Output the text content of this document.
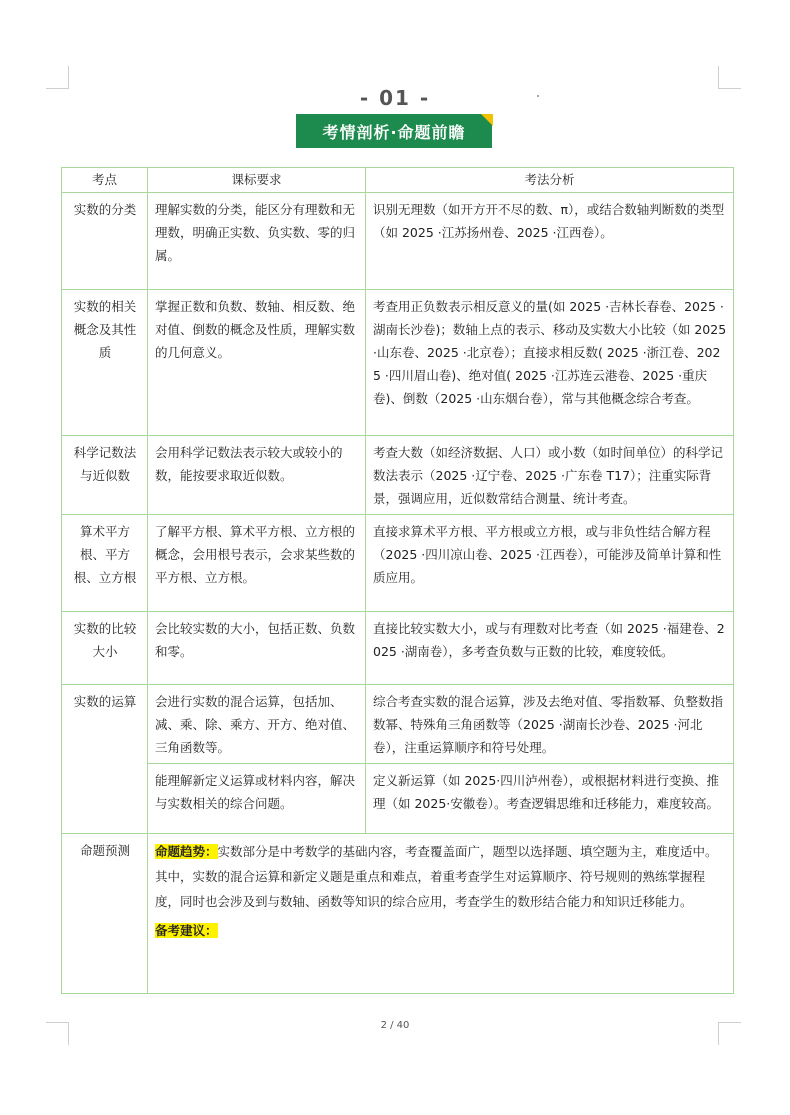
- 01 -
考情剖析·命题前瞻
考点	课标要求	考法分析
实数的分类	理解实数的分类，能区分有理数和无理数，明确正实数、负实数、零的归属。	识别无理数（如开方开不尽的数、π），或结合数轴判断数的类型（如 2025 ·江苏扬州卷、2025 ·江西卷）。
实数的相关概念及其性质	掌握正数和负数、数轴、相反数、绝对值、倒数的概念及性质，理解实数的几何意义。	考查用正负数表示相反意义的量(如 2025 ·吉林长春卷、2025 ·湖南长沙卷)；数轴上点的表示、移动及实数大小比较（如 2025 ·山东卷、2025 ·北京卷）；直接求相反数( 2025 ·浙江卷、2025 ·四川眉山卷)、绝对值( 2025 ·江苏连云港卷、2025 ·重庆卷)、倒数（2025 ·山东烟台卷），常与其他概念综合考查。
科学记数法与近似数	会用科学记数法表示较大或较小的数，能按要求取近似数。	考查大数（如经济数据、人口）或小数（如时间单位）的科学记数法表示（2025 ·辽宁卷、2025 ·广东卷 T17）；注重实际背景，强调应用，近似数常结合测量、统计考查。
算术平方根、平方根、立方根	了解平方根、算术平方根、立方根的概念，会用根号表示，会求某些数的平方根、立方根。	直接求算术平方根、平方根或立方根，或与非负性结合解方程（2025 ·四川凉山卷、2025 ·江西卷），可能涉及简单计算和性质应用。
实数的比较大小	会比较实数的大小，包括正数、负数和零。	直接比较实数大小，或与有理数对比考查（如 2025 ·福建卷、2025 ·湖南卷），多考查负数与正数的比较，难度较低。
实数的运算	会进行实数的混合运算，包括加、减、乘、除、乘方、开方、绝对值、三角函数等。	综合考查实数的混合运算，涉及去绝对值、零指数幂、负整数指数幂、特殊角三角函数等（2025 ·湖南长沙卷、2025 ·河北卷），注重运算顺序和符号处理。
	能理解新定义运算或材料内容，解决与实数相关的综合问题。	定义新运算（如 2025·四川泸州卷），或根据材料进行变换、推理（如 2025·安徽卷）。考查逻辑思维和迁移能力，难度较高。
命题预测	命题趋势：实数部分是中考数学的基础内容，考查覆盖面广，题型以选择题、填空题为主，难度适中。其中，实数的混合运算和新定义题是重点和难点，着重考查学生对运算顺序、符号规则的熟练掌握程度，同时也会涉及到与数轴、函数等知识的综合应用，考查学生的数形结合能力和知识迁移能力。
备考建议：	
2 / 40
